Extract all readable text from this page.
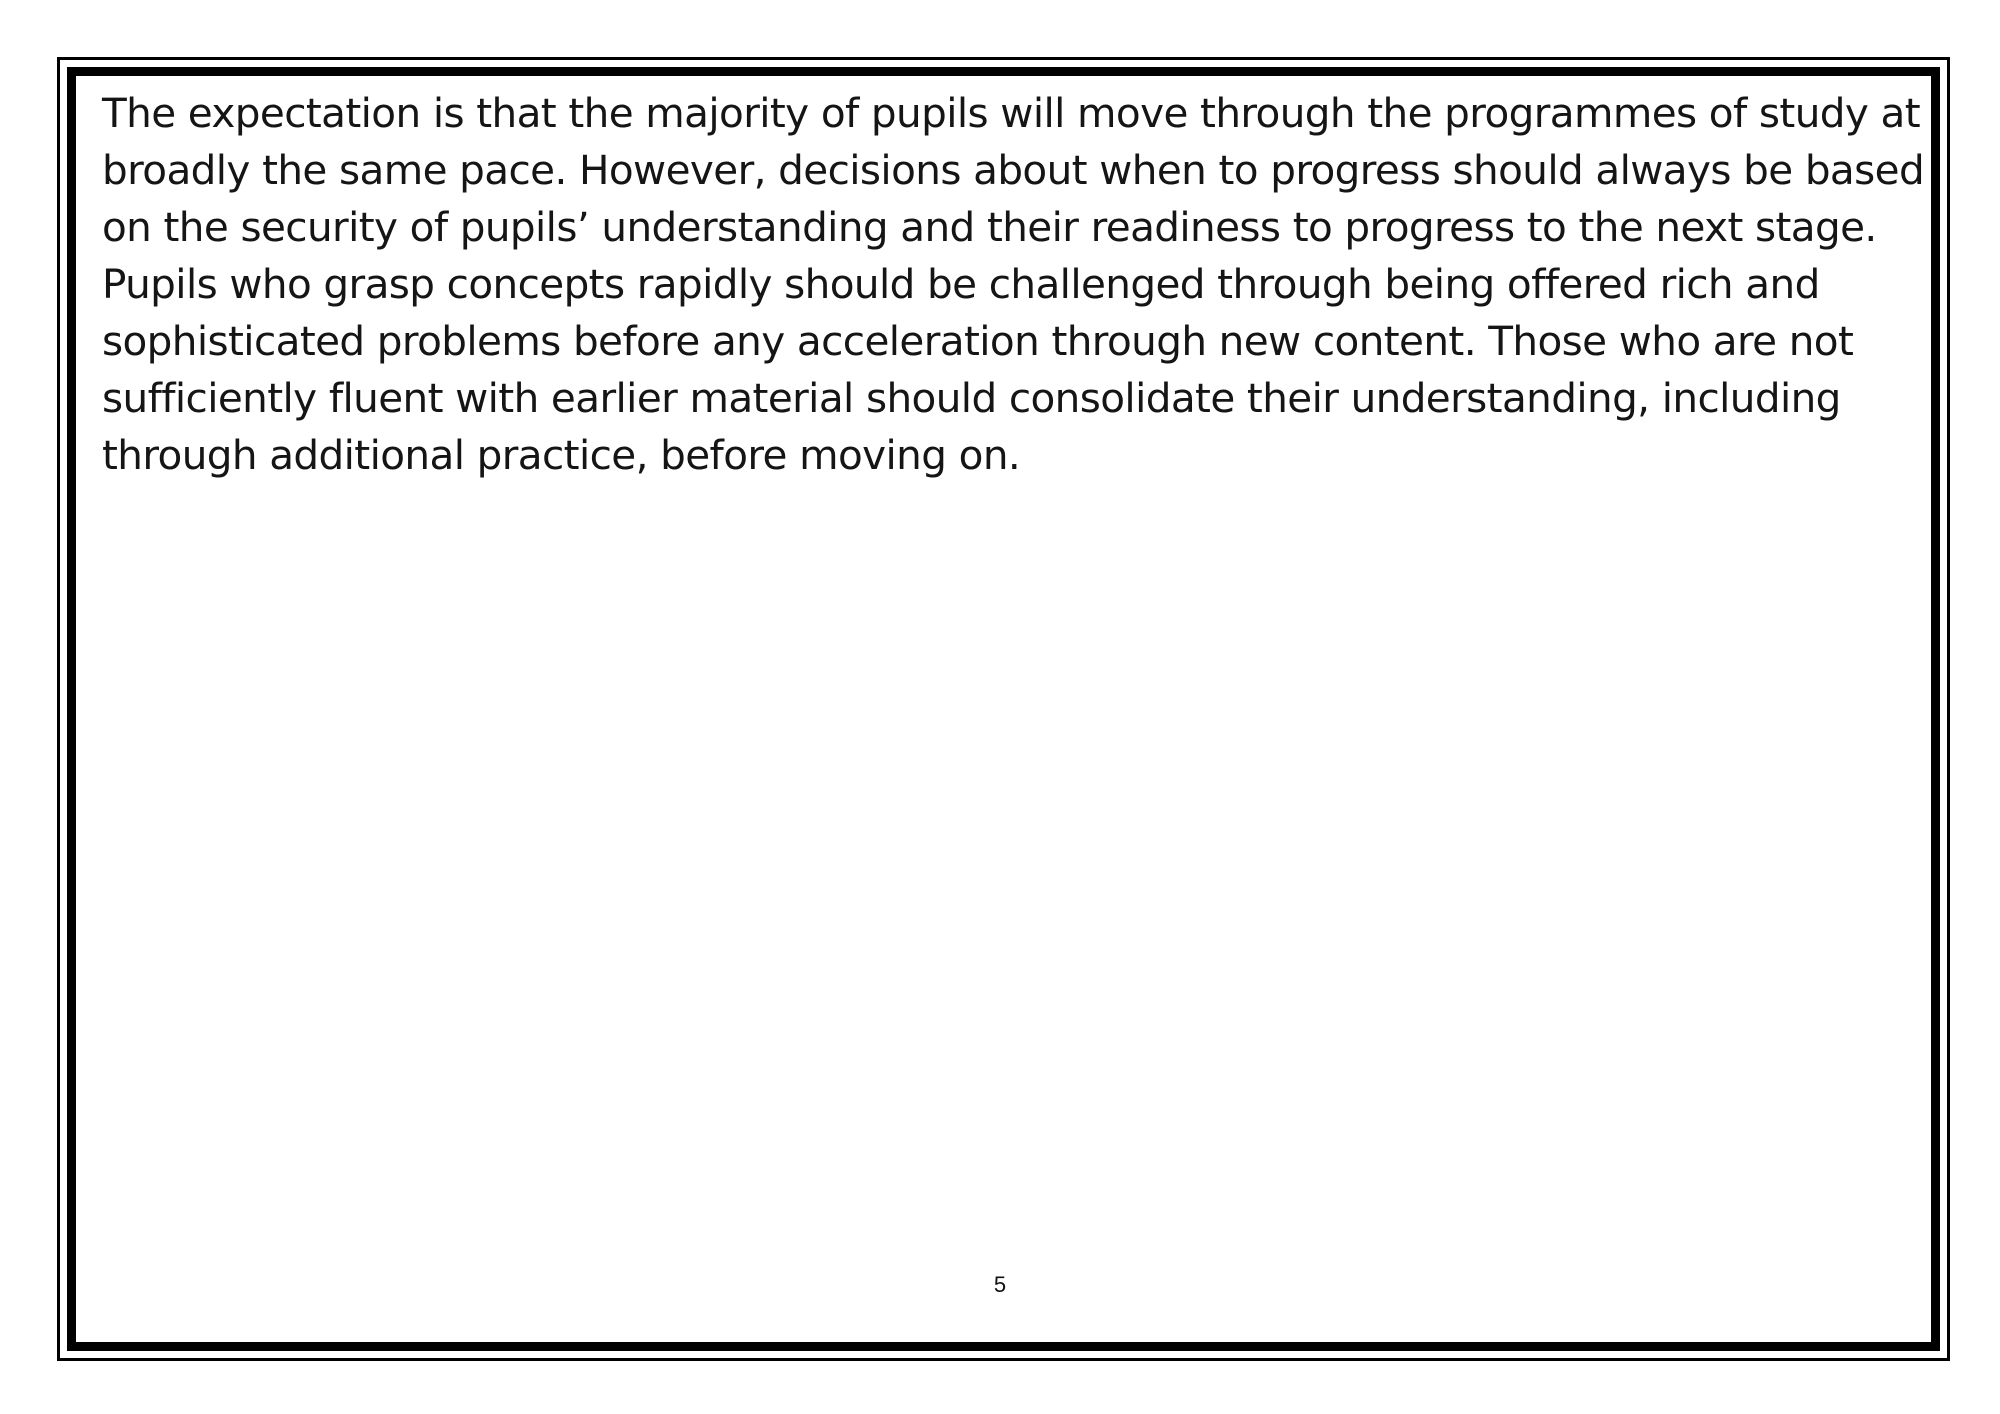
The expectation is that the majority of pupils will move through the programmes of study at broadly the same pace. However, decisions about when to progress should always be based on the security of pupils’ understanding and their readiness to progress to the next stage. Pupils who grasp concepts rapidly should be challenged through being offered rich and sophisticated problems before any acceleration through new content. Those who are not sufficiently fluent with earlier material should consolidate their understanding, including through additional practice, before moving on.

5
